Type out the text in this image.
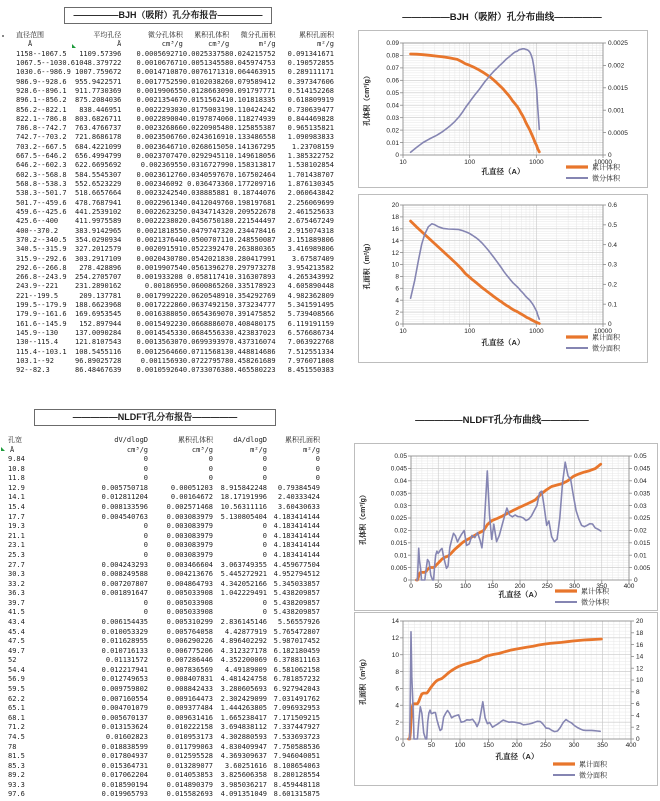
—————BJH（吸附）孔分布报告—————
直径范围	平均孔径	微分孔体积	累积孔体积	微分孔面积	累积孔面积
Å	Å	cm³/g	cm³/g	m²/g	m²/g
1158--1067.5	1109.57396	0.000569271	0.002533758	0.024215752	0.091341671
1067.5--1030.6	1048.379722	0.001067671	0.005134558	0.045974753	0.190572855
1030.6--986.9	1007.759672	0.001471087	0.007617131	0.064463915	0.289111171
986.9--928.6	955.9422571	0.001775259	0.010203826	0.079589412	0.397347606
928.6--896.1	911.7730369	0.001990655	0.012866309	0.091797771	0.514152268
896.1--856.2	875.2084036	0.002135467	0.015156241	0.101818335	0.618809919
856.2--822.1	838.446951	0.002229303	0.017500319	0.110424242	0.730639477
822.1--786.8	803.6826711	0.002289004	0.019787406	0.118274939	0.844469828
786.8--742.7	763.4766737	0.002326866	0.022090548	0.125855387	0.965135821
742.7--703.2	721.8686178	0.002350676	0.024361691	0.133486558	1.090983833
703.2--667.5	684.4221099	0.002364671	0.026861505	0.141367295	1.23708159
667.5--646.2	656.4994799	0.002370747	0.029294511	0.149618056	1.385322752
646.2--602.3	622.6695692	0.00236955	0.031672799	0.158313817	1.538102854
602.3--568.8	584.5545307	0.002361276	0.034059767	0.167502464	1.701438707
568.8--538.3	552.6523229	0.002346092	0.03647336	0.177209716	1.876130345
538.3--501.7	518.6657664	0.002324254	0.038885881	0.18744076	2.060643842
501.7--459.6	478.7687941	0.002296134	0.041204976	0.198197681	2.256069699
459.6--425.6	441.2539102	0.002262325	0.043471432	0.209522678	2.461525633
425.6--400	411.9975589	0.002223802	0.045675018	0.221544497	2.675467249
400--370.2	383.9142965	0.002181855	0.047974732	0.234478416	2.915074318
370.2--340.5	354.0290934	0.002137644	0.050070711	0.248550087	3.151889806
340.5--315.9	327.2012579	0.002091591	0.052239247	0.263880365	3.416989806
315.9--292.6	303.2917109	0.002043078	0.054202183	0.280417991	3.67587409
292.6--266.8	278.428896	0.001990754	0.056139627	0.297973278	3.954213582
266.8--243.9	254.2705707	0.001933208	0.05811741	0.316307893	4.265343992
243.9--221	231.2890162	0.0018695	0.060086526	0.335178923	4.605890448
221--199.5	209.137781	0.001799222	0.062054891	0.354292769	4.982362809
199.5--179.9	188.6623968	0.001722286	0.063749215	0.373234777	5.341591495
179.9--161.6	169.6953545	0.001638805	0.065436907	0.391475852	5.739408566
161.6--145.9	152.897944	0.001549223	0.066888607	0.408480175	6.119191159
145.9--130	137.0090284	0.001454533	0.068455633	0.423837023	6.576686734
130--115.4	121.8107543	0.001356307	0.069939397	0.437316074	7.063922768
115.4--103.1	108.5455116	0.001256466	0.071156813	0.448814686	7.512551334
103.1--92	96.89025728	0.00115693	0.072279578	0.458261689	7.976071808
92--82.3	86.48467639	0.001059264	0.073307638	0.465580223	8.451550383
—————NLDFT孔分布报告—————
孔宽	dV/dlogD	累积孔体积	dA/dlogD	累积孔面积
Å	cm³/g	cm³/g	m²/g	m²/g
9.84	0	0	0	0
10.8	0	0	0	0
11.8	0	0	0	0
12.9	0.005750718	0.00051203	8.915842248	0.79384549
14.1	0.012811204	0.00164672	18.17191996	2.40333424
15.4	0.008133596	0.002571468	10.56311116	3.60430633
17.7	0.004540763	0.003083979	5.130805404	4.183414144
19.3	0	0.003083979	0	4.183414144
21.1	0	0.003083979	0	4.183414144
23.1	0	0.003083979	0	4.183414144
25.3	0	0.003083979	0	4.183414144
27.7	0.004243293	0.003466604	3.063749355	4.459677504
30.3	0.008249588	0.004213676	5.445272921	4.952794512
33.2	0.007207807	0.004864793	4.342052166	5.345033857
36.3	0.001891647	0.005033908	1.042229491	5.438209857
39.7	0	0.005033908	0	5.438209857
41.5	0	0.005033908	0	5.438209857
43.4	0.006154435	0.005310299	2.836145146	5.56557926
45.4	0.010053329	0.005764058	4.42877919	5.765472807
47.5	0.011628955	0.006290226	4.896402292	5.987017452
49.7	0.010716133	0.006775206	4.312327178	6.182180459
52	0.01131572	0.007286446	4.352200069	6.378811163
54.4	0.012217941	0.007836569	4.49189009	6.581062158
56.9	0.012749653	0.008407831	4.481424758	6.781857232
59.5	0.009759802	0.008842433	3.280605693	6.927942043
62.2	0.007160554	0.009164473	2.302429099	7.031491762
65.1	0.004701079	0.009377484	1.444263805	7.096932953
68.1	0.005670137	0.009631416	1.665238417	7.171509215
71.2	0.013153624	0.010222158	3.694838112	7.337447927
74.5	0.01602823	0.010953173	4.302880593	7.533693723
78	0.018838599	0.011799063	4.830409947	7.750588536
81.5	0.017804937	0.012595528	4.369309637	7.946040051
85.3	0.015364731	0.013289077	3.60251616	8.108654063
89.2	0.017062204	0.014053853	3.825606358	8.280128554
93.3	0.018590194	0.014890379	3.985036217	8.459448118
97.6	0.019965793	0.015582693	4.091351049	8.601315875
—————BJH（吸附）孔分布曲线—————
0
0.01
0.02
0.03
0.04
0.05
0.06
0.07
0.08
0.09
0
0.0005
0.001
0.0015
0.002
0.0025
10	100	1000	10000
孔体积（cm³/g）
孔直径（A）	累计体积
微分体积
0
2
4
6
8
10
12
14
16
18
20
0
0.1
0.2
0.3
0.4
0.5
0.6
10	100	1000	10000
孔面积（m²/g）
孔直径（A）
累计面积
微分面积
—————NLDFT孔分布曲线—————
0
0.005
0.01
0.015
0.02
0.025
0.03
0.035
0.04
0.045
0.05
0
0.005
0.01
0.015
0.02
0.025
0.03
0.035
0.04
0.045
0.05
0	50	100	150	200	250	300	350	400
孔体积（cm³/g）
孔直径（A）	累计体积
微分体积
0
2
4
6
8
10
12
14
0
2
4
6
8
10
12
14
16
18
20
0	50	100	150	200	250	300	350	400
孔面积（m²/g）
孔直径（A）
累计面积
微分面积
